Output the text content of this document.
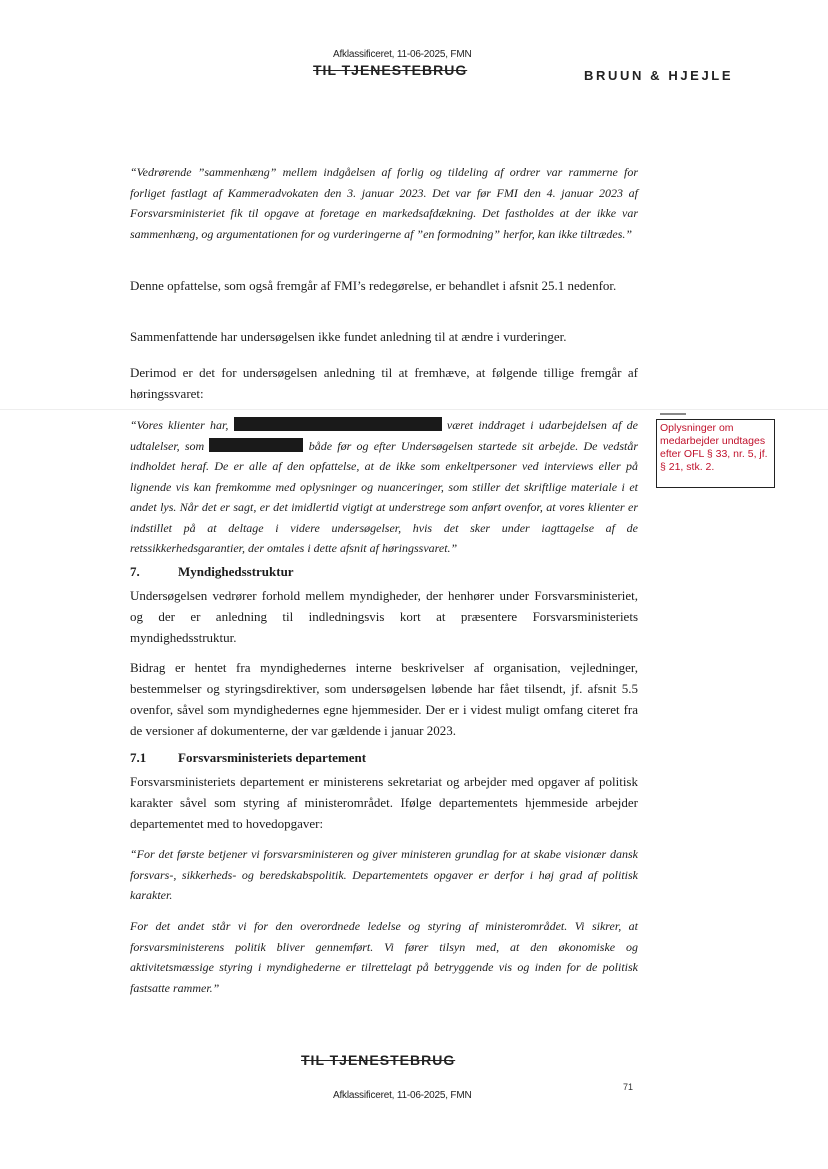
Afklassificeret, 11-06-2025, FMN
TIL TJENESTEBRUG	BRUUN & HJEJLE
“Vedrørende ”sammenhæng” mellem indgåelsen af forlig og tildeling af ordrer var rammerne for forliget fastlagt af Kammeradvokaten den 3. januar 2023. Det var før FMI den 4. januar 2023 af Forsvarsministeriet fik til opgave at foretage en markedsafdækning. Det fastholdes at der ikke var sammenhæng, og argumentationen for og vurderingerne af ”en formodning” herfor, kan ikke tiltrædes.”
Denne opfattelse, som også fremgår af FMI’s redegørelse, er behandlet i afsnit 25.1 nedenfor.
Sammenfattende har undersøgelsen ikke fundet anledning til at ændre i vurderinger.
Derimod er det for undersøgelsen anledning til at fremhæve, at følgende tillige fremgår af høringssvaret:
“Vores klienter har,	været inddraget i udarbejdelsen af de udtalelser, som	både før og efter Undersøgelsen startede sit arbejde. De vedstår indholdet heraf. De er alle af den opfattelse, at de ikke som enkeltpersoner ved interviews eller på lignende vis kan fremkomme med oplysninger og nuanceringer, som stiller det skriftlige materiale i et andet lys. Når det er sagt, er det imidlertid vigtigt at understrege som anført ovenfor, at vores klienter er indstillet på at deltage i videre undersøgelser, hvis det sker under iagttagelse af de retssikkerhedsgarantier, der omtales i dette afsnit af høringssvaret.”
Oplysninger om medarbejder undtages efter OFL § 33, nr. 5, jf. § 21, stk. 2.
7.	Myndighedsstruktur
Undersøgelsen vedrører forhold mellem myndigheder, der henhører under Forsvarsministeriet, og der er anledning til indledningsvis kort at præsentere Forsvarsministeriets myndighedsstruktur.
Bidrag er hentet fra myndighedernes interne beskrivelser af organisation, vejledninger, bestemmelser og styringsdirektiver, som undersøgelsen løbende har fået tilsendt, jf. afsnit 5.5 ovenfor, såvel som myndighedernes egne hjemmesider. Der er i videst muligt omfang citeret fra de versioner af dokumenterne, der var gældende i januar 2023.
7.1 Forsvarsministeriets departement
Forsvarsministeriets departement er ministerens sekretariat og arbejder med opgaver af politisk karakter såvel som styring af ministerområdet. Ifølge departementets hjemmeside arbejder departementet med to hovedopgaver:
“For det første betjener vi forsvarsministeren og giver ministeren grundlag for at skabe visionær dansk forsvars-, sikkerheds- og beredskabspolitik. Departementets opgaver er derfor i høj grad af politisk karakter.
For det andet står vi for den overordnede ledelse og styring af ministerområdet. Vi sikrer, at forsvarsministerens politik bliver gennemført. Vi fører tilsyn med, at den økonomiske og aktivitetsmæssige styring i myndighederne er tilrettelagt på betryggende vis og inden for de politisk fastsatte rammer.”
TIL TJENESTEBRUG
Afklassificeret, 11-06-2025, FMN
71
